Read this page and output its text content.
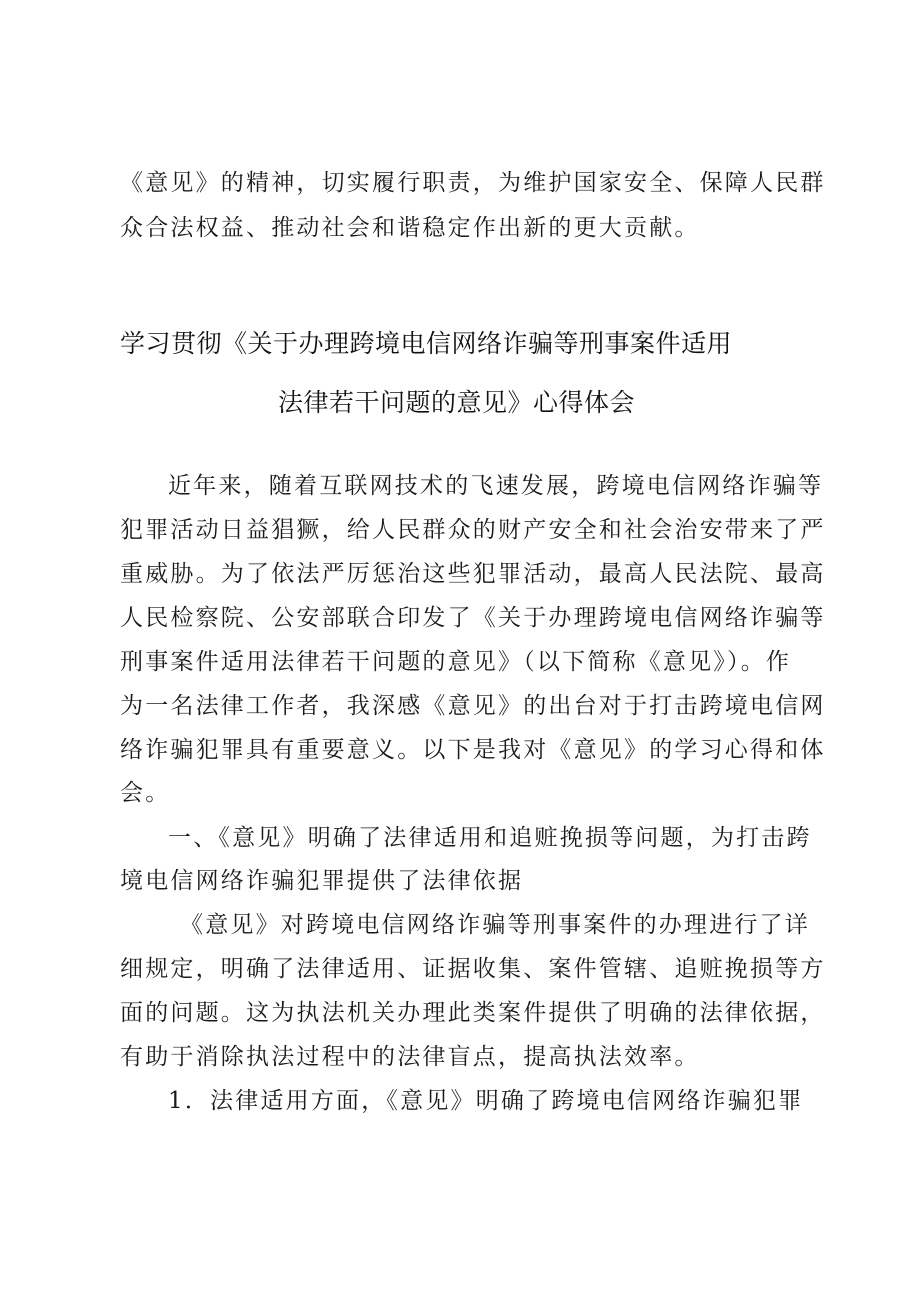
《意见》的精神，切实履行职责，为维护国家安全、保障人民群
众合法权益、推动社会和谐稳定作出新的更大贡献。
学习贯彻《关于办理跨境电信网络诈骗等刑事案件适用
法律若干问题的意见》心得体会
近年来，随着互联网技术的飞速发展，跨境电信网络诈骗等
犯罪活动日益猖獗，给人民群众的财产安全和社会治安带来了严
重威胁。为了依法严厉惩治这些犯罪活动，最高人民法院、最高
人民检察院、公安部联合印发了《关于办理跨境电信网络诈骗等
刑事案件适用法律若干问题的意见》（以下简称《意见》）。作
为一名法律工作者，我深感《意见》的出台对于打击跨境电信网
络诈骗犯罪具有重要意义。以下是我对《意见》的学习心得和体
会。
一、《意见》明确了法律适用和追赃挽损等问题，为打击跨
境电信网络诈骗犯罪提供了法律依据
《意见》对跨境电信网络诈骗等刑事案件的办理进行了详
细规定，明确了法律适用、证据收集、案件管辖、追赃挽损等方
面的问题。这为执法机关办理此类案件提供了明确的法律依据，
有助于消除执法过程中的法律盲点，提高执法效率。
1．法律适用方面，《意见》明确了跨境电信网络诈骗犯罪
